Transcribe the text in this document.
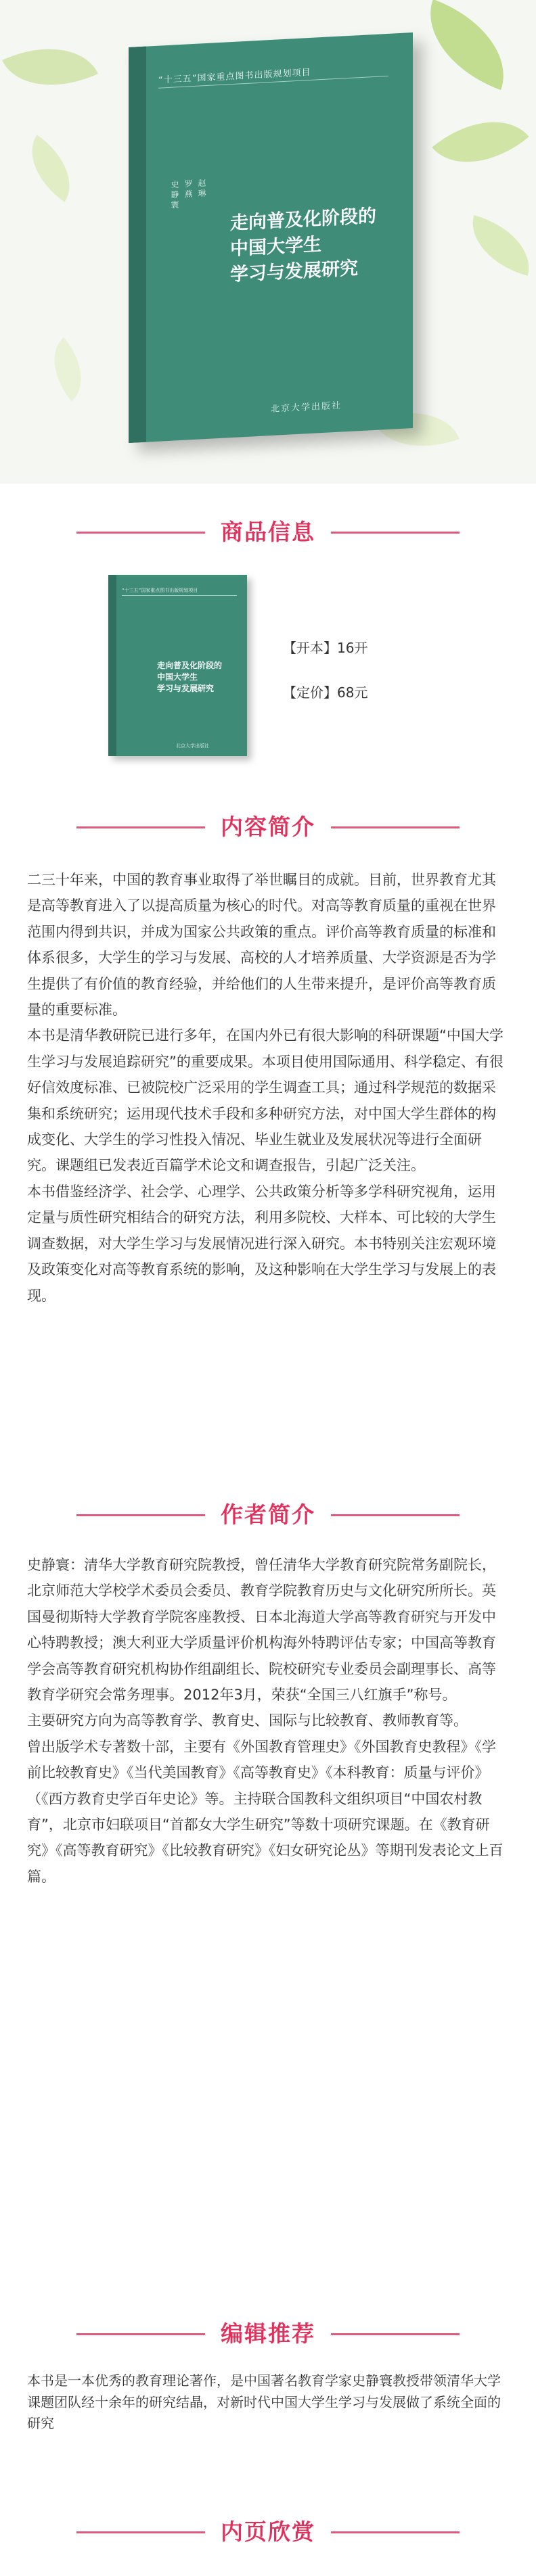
“十三五”国家重点图书出版规划项目
史静寰 罗燕 赵琳
走向普及化阶段的
中国大学生
学习与发展研究
北京大学出版社
商品信息
“十三五”国家重点图书出版规划项目
走向普及化阶段的
中国大学生
学习与发展研究
北京大学出版社
【开本】16开
【定价】68元
内容简介

二三十年来，中国的教育事业取得了举世瞩目的成就。目前，世界教育尤其是高等教育进入了以提高质量为核心的时代。对高等教育质量的重视在世界范围内得到共识，并成为国家公共政策的重点。评价高等教育质量的标准和体系很多，大学生的学习与发展、高校的人才培养质量、大学资源是否为学生提供了有价值的教育经验，并给他们的人生带来提升，是评价高等教育质量的重要标准。

本书是清华教研院已进行多年，在国内外已有很大影响的科研课题“中国大学生学习与发展追踪研究”的重要成果。本项目使用国际通用、科学稳定、有很好信效度标准、已被院校广泛采用的学生调查工具；通过科学规范的数据采集和系统研究；运用现代技术手段和多种研究方法，对中国大学生群体的构成变化、大学生的学习性投入情况、毕业生就业及发展状况等进行全面研究。课题组已发表近百篇学术论文和调查报告，引起广泛关注。

本书借鉴经济学、社会学、心理学、公共政策分析等多学科研究视角，运用定量与质性研究相结合的研究方法，利用多院校、大样本、可比较的大学生调查数据，对大学生学习与发展情况进行深入研究。本书特别关注宏观环境及政策变化对高等教育系统的影响，及这种影响在大学生学习与发展上的表现。

作者简介

史静寰：清华大学教育研究院教授，曾任清华大学教育研究院常务副院长，北京师范大学校学术委员会委员、教育学院教育历史与文化研究所所长。英国曼彻斯特大学教育学院客座教授、日本北海道大学高等教育研究与开发中心特聘教授；澳大利亚大学质量评价机构海外特聘评估专家；中国高等教育学会高等教育研究机构协作组副组长、院校研究专业委员会副理事长、高等教育学研究会常务理事。2012年3月，荣获“全国三八红旗手”称号。

主要研究方向为高等教育学、教育史、国际与比较教育、教师教育等。

曾出版学术专著数十部，主要有《外国教育管理史》《外国教育史教程》《学前比较教育史》《当代美国教育》《高等教育史》《本科教育：质量与评价》（《西方教育史学百年史论》等。主持联合国教科文组织项目“中国农村教育”，北京市妇联项目“首都女大学生研究”等数十项研究课题。在《教育研究》《高等教育研究》《比较教育研究》《妇女研究论丛》等期刊发表论文上百篇。

编辑推荐
本书是一本优秀的教育理论著作，是中国著名教育学家史静寰教授带领清华大学课题团队经十余年的研究结晶，对新时代中国大学生学习与发展做了系统全面的研究
内页欣赏
